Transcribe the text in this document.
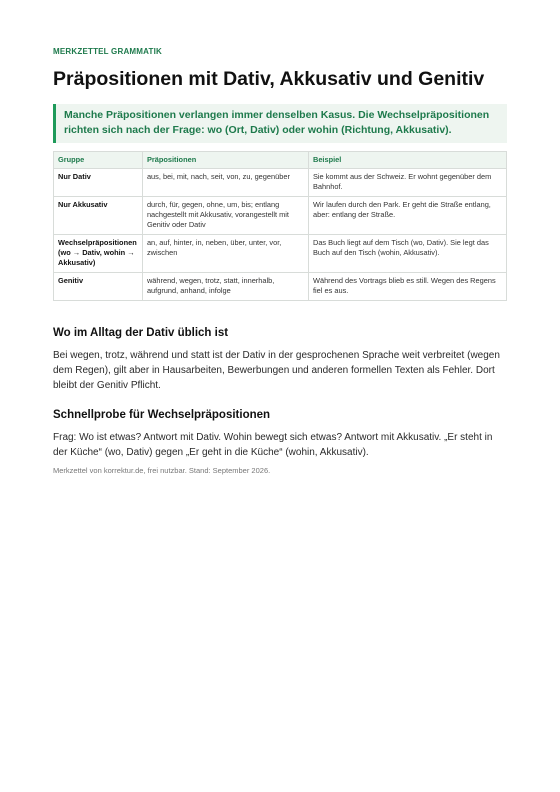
MERKZETTEL GRAMMATIK

Präpositionen mit Dativ, Akkusativ und Genitiv
Manche Präpositionen verlangen immer denselben Kasus. Die Wechselpräpositionen richten sich nach der Frage: wo (Ort, Dativ) oder wohin (Richtung, Akkusativ).
Gruppe	Präpositionen	Beispiel
Nur Dativ	aus, bei, mit, nach, seit, von, zu, gegenüber	Sie kommt aus der Schweiz. Er wohnt gegenüber dem Bahnhof.
Nur Akkusativ	durch, für, gegen, ohne, um, bis; entlang nachgestellt mit Akkusativ, vorangestellt mit Genitiv oder Dativ	Wir laufen durch den Park. Er geht die Straße entlang, aber: entlang der Straße.
Wechselpräpositionen (wo → Dativ, wohin → Akkusativ)	an, auf, hinter, in, neben, über, unter, vor, zwischen	Das Buch liegt auf dem Tisch (wo, Dativ). Sie legt das Buch auf den Tisch (wohin, Akkusativ).
Genitiv	während, wegen, trotz, statt, innerhalb, aufgrund, anhand, infolge	Während des Vortrags blieb es still. Wegen des Regens fiel es aus.
Wo im Alltag der Dativ üblich ist

Bei wegen, trotz, während und statt ist der Dativ in der gesprochenen Sprache weit verbreitet (wegen dem Regen), gilt aber in Hausarbeiten, Bewerbungen und anderen formellen Texten als Fehler. Dort bleibt der Genitiv Pflicht.

Schnellprobe für Wechselpräpositionen

Frag: Wo ist etwas? Antwort mit Dativ. Wohin bewegt sich etwas? Antwort mit Akkusativ. „Er steht in der Küche“ (wo, Dativ) gegen „Er geht in die Küche“ (wohin, Akkusativ).

Merkzettel von korrektur.de, frei nutzbar. Stand: September 2026.
